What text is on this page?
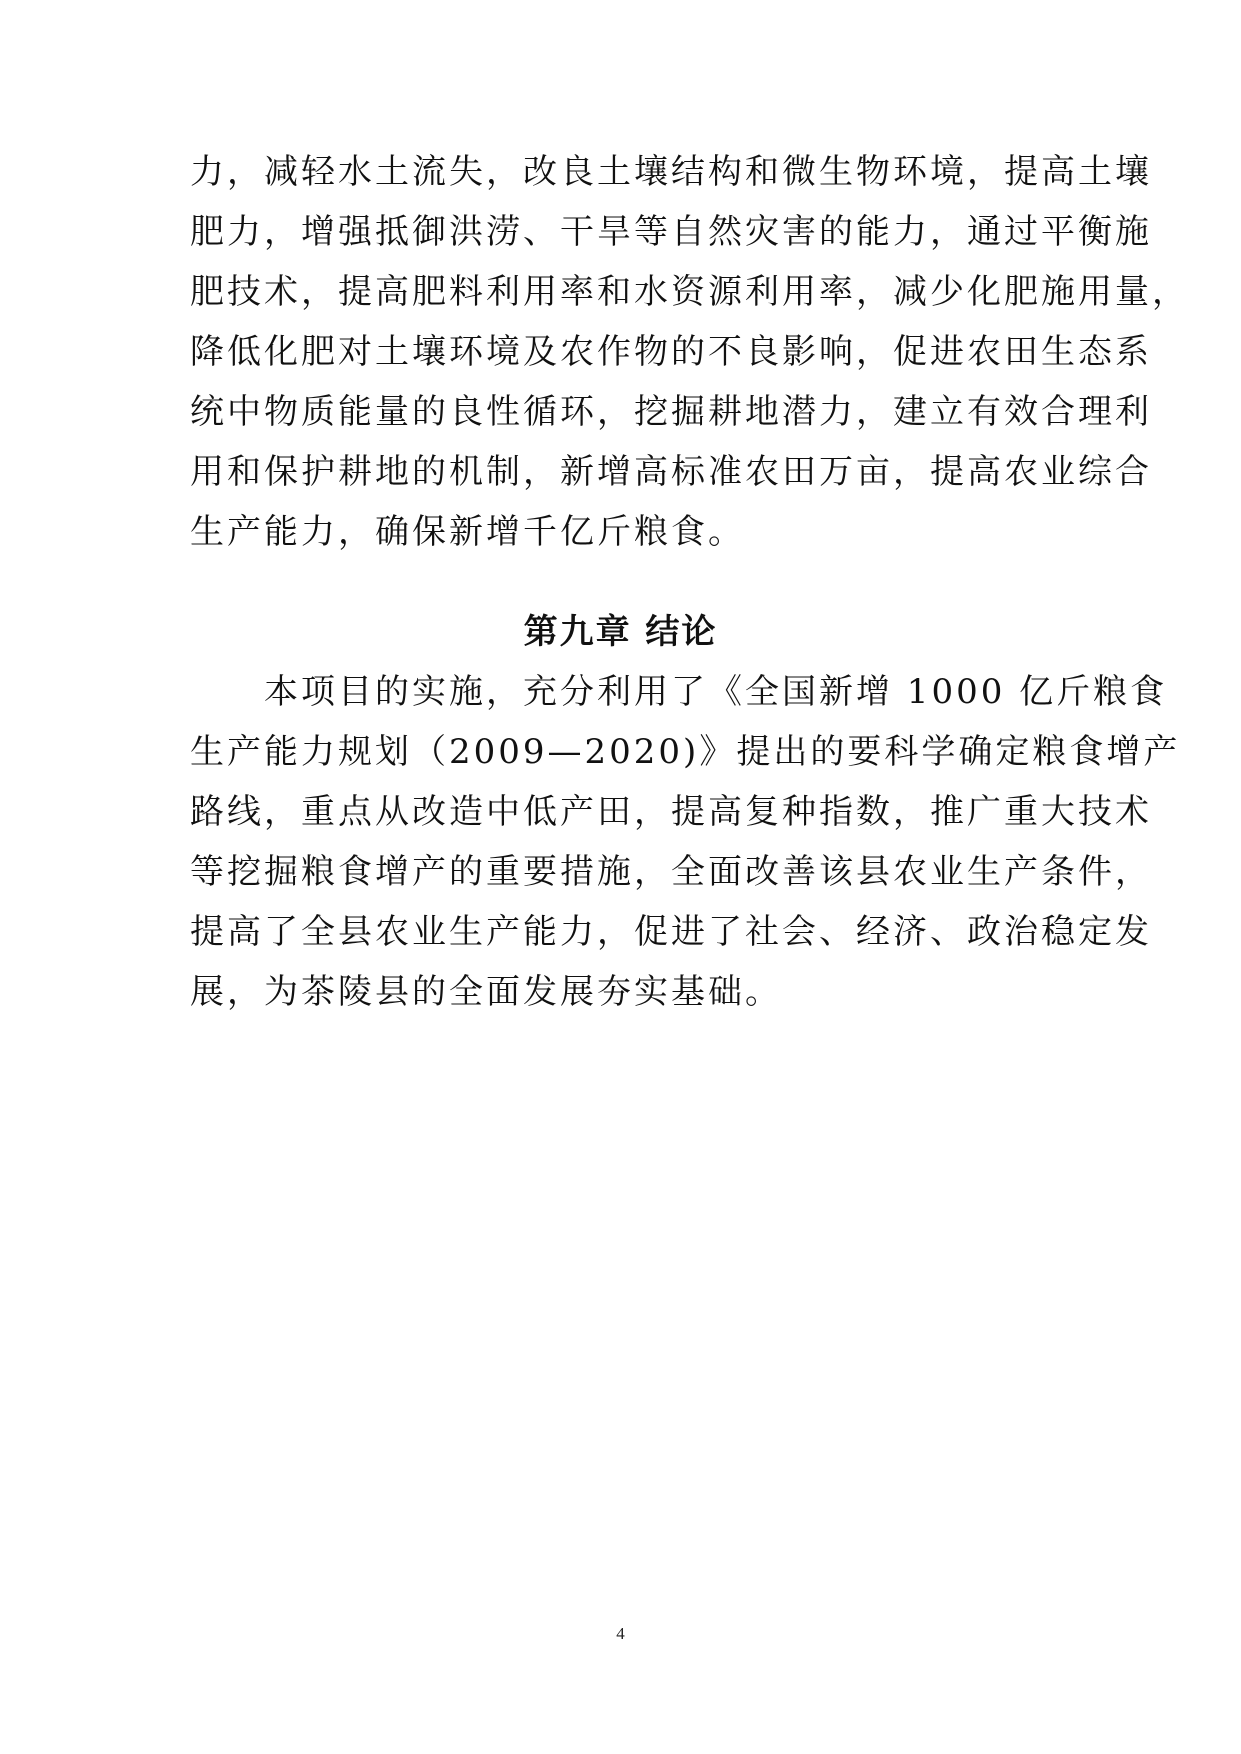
力，减轻水土流失，改良土壤结构和微生物环境，提高土壤
肥力，增强抵御洪涝、干旱等自然灾害的能力，通过平衡施
肥技术，提高肥料利用率和水资源利用率，减少化肥施用量，
降低化肥对土壤环境及农作物的不良影响，促进农田生态系
统中物质能量的良性循环，挖掘耕地潜力，建立有效合理利
用和保护耕地的机制，新增高标准农田万亩，提高农业综合
生产能力，确保新增千亿斤粮食。
第九章 结论
　　本项目的实施，充分利用了《全国新增 1000 亿斤粮食
生产能力规划（2009—2020)》提出的要科学确定粮食增产
路线，重点从改造中低产田，提高复种指数，推广重大技术
等挖掘粮食增产的重要措施，全面改善该县农业生产条件，
提高了全县农业生产能力，促进了社会、经济、政治稳定发
展，为茶陵县的全面发展夯实基础。
4
